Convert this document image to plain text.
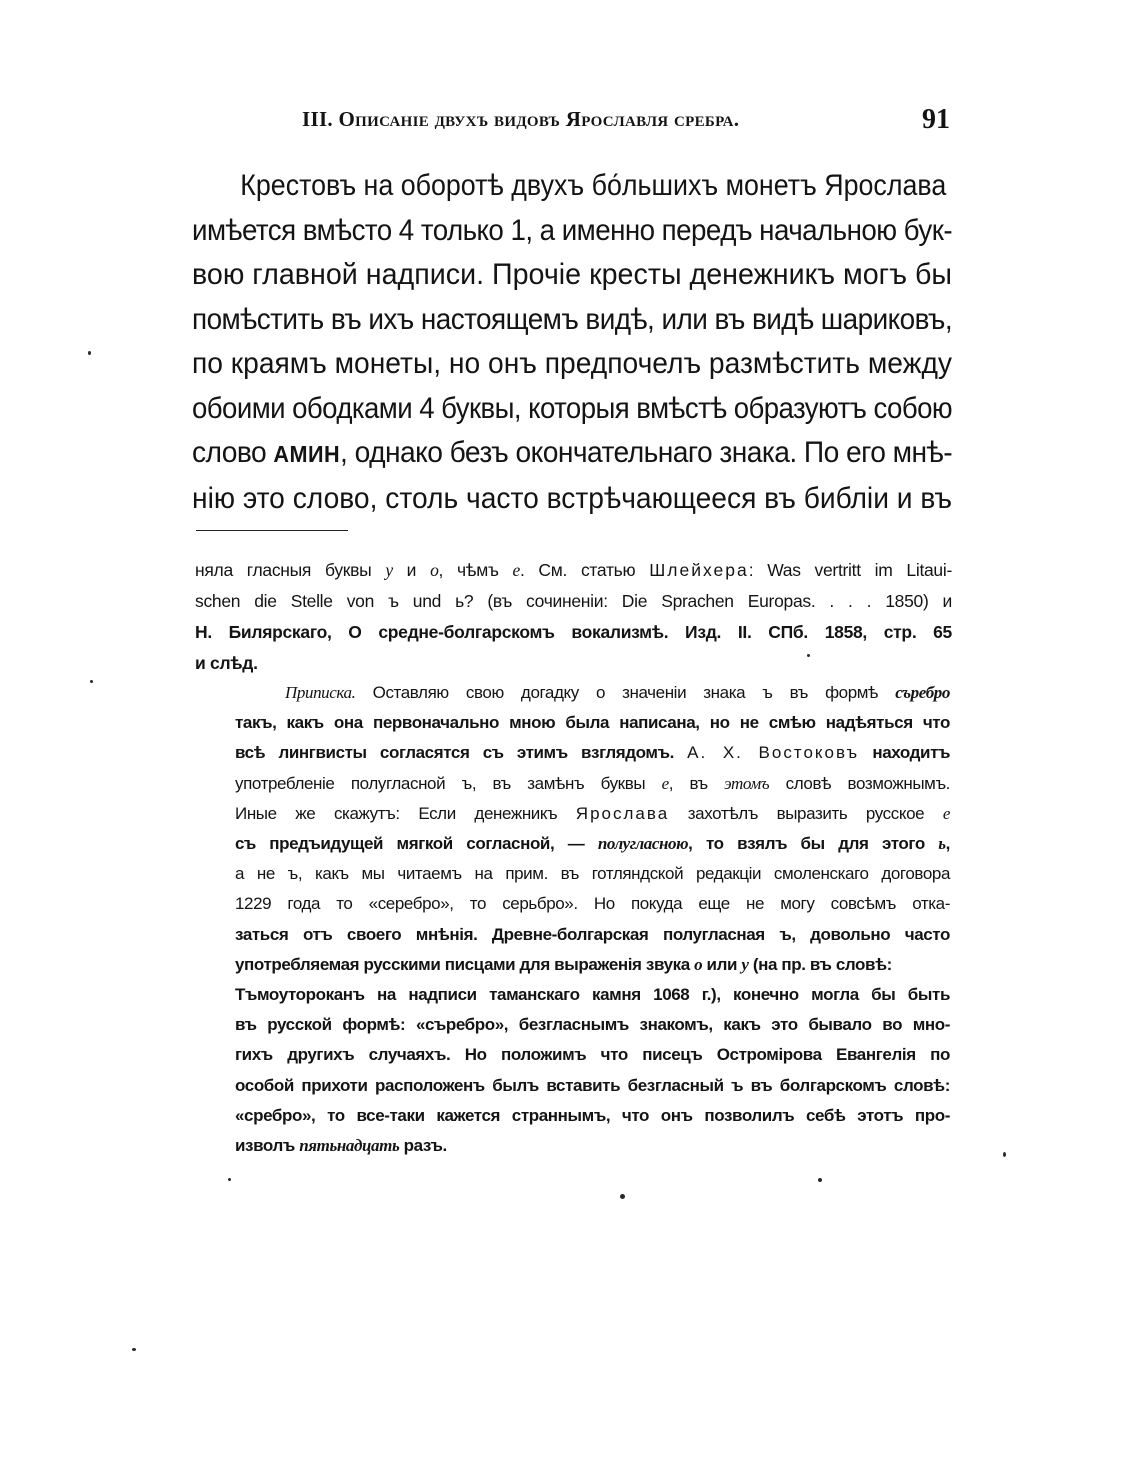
III. Описаніе двухъ видовъ Ярославля сребра.	91
Крестовъ на оборотѣ двухъ бо́льшихъ монетъ Ярослава
имѣется вмѣсто 4 только 1, а именно передъ начальною бук-
вою главной надписи. Прочіе кресты денежникъ могъ бы
помѣстить въ ихъ настоящемъ видѣ, или въ видѣ шариковъ,
по краямъ монеты, но онъ предпочелъ размѣстить между
обоими ободками 4 буквы, которыя вмѣстѣ образуютъ собою
слово АМИН, однако безъ окончательнаго знака. По его мнѣ-
нію это слово, столь часто встрѣчающееся въ библіи и въ
няла гласныя буквы у и о, чѣмъ е. См. статью Шлейхера: Was vertritt im Litaui-
schen die Stelle von ъ und ь? (въ сочиненіи: Die Sprachen Europas. . . . 1850) и
Н. Билярскаго, О средне-болгарскомъ вокализмѣ. Изд. II. СПб. 1858, стр. 65
и слѣд.
Приписка. Оставляю свою догадку о значеніи знака ъ въ формѣ съребро
такъ, какъ она первоначально мною была написана, но не смѣю надѣяться что
всѣ лингвисты согласятся съ этимъ взглядомъ. А. Х. Востоковъ находитъ
употребленіе полугласной ъ, въ замѣнъ буквы е, въ этомъ словѣ возможнымъ.
Иные же скажутъ: Если денежникъ Ярослава захотѣлъ выразить русское е
съ предъидущей мягкой согласной, — полугласною, то взялъ бы для этого ь,
а не ъ, какъ мы читаемъ на прим. въ готляндской редакціи смоленскаго договора
1229 года то «серебро», то серьбро». Но покуда еще не могу совсѣмъ отка-
заться отъ своего мнѣнія. Древне-болгарская полугласная ъ, довольно часто
употребляемая русскими писцами для выраженія звука о или у (на пр. въ словѣ:
Тъмоутороканъ на надписи таманскаго камня 1068 г.), конечно могла бы быть
въ русской формѣ: «съребро», безгласнымъ знакомъ, какъ это бывало во мно-
гихъ другихъ случаяхъ. Но положимъ что писецъ Остромірова Евангелія по
особой прихоти расположенъ былъ вставить безгласный ъ въ болгарскомъ словѣ:
«сребро», то все-таки кажется страннымъ, что онъ позволилъ себѣ этотъ про-
изволъ пятьнадцать разъ.
